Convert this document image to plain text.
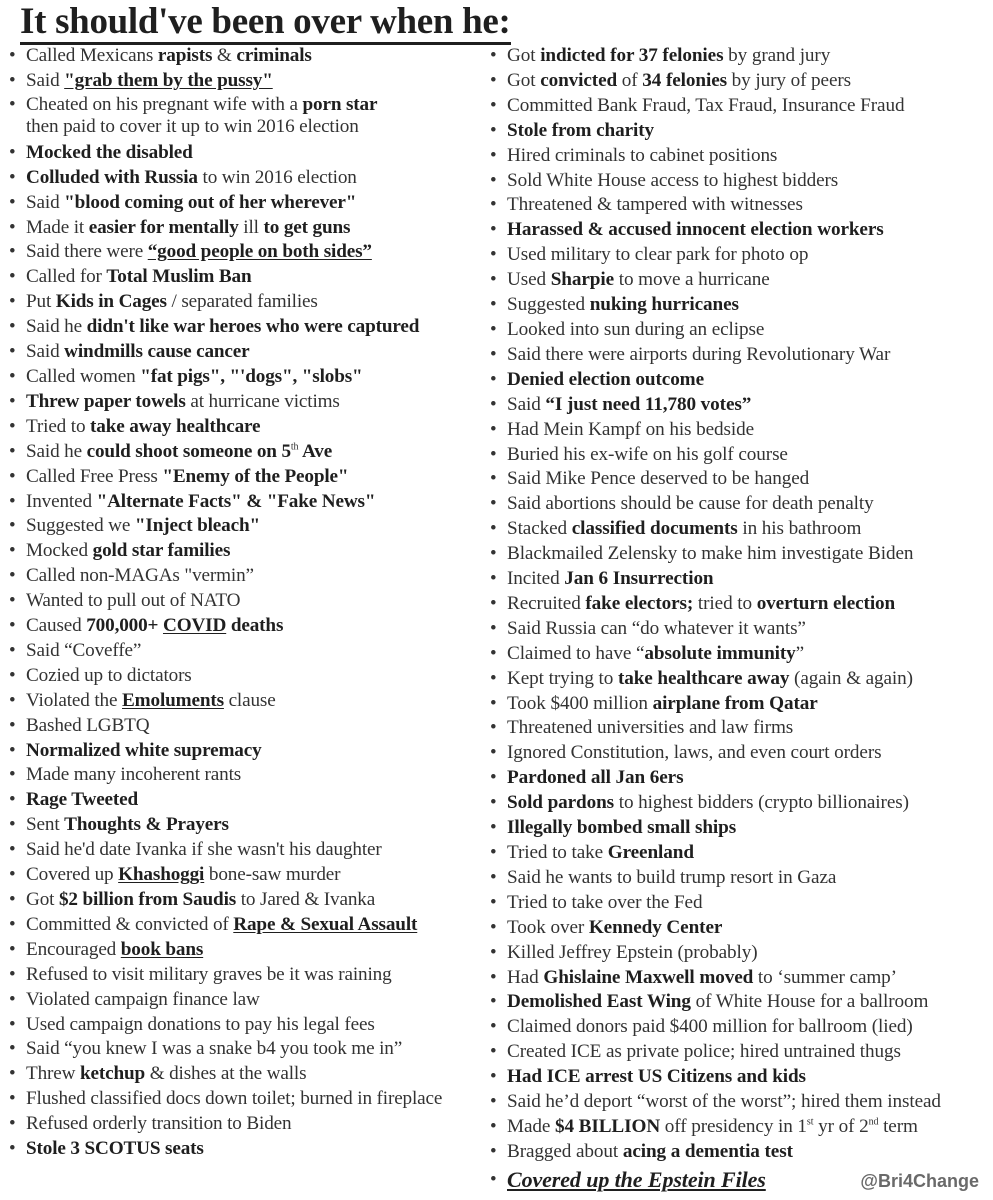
It should've been over when he:
• Called Mexicans rapists & criminals
• Said "grab them by the pussy"
• Cheated on his pregnant wife with a porn star
then paid to cover it up to win 2016 election
• Mocked the disabled
• Colluded with Russia to win 2016 election
• Said "blood coming out of her wherever"
• Made it easier for mentally ill to get guns
• Said there were “good people on both sides”
• Called for Total Muslim Ban
• Put Kids in Cages / separated families
• Said he didn't like war heroes who were captured
• Said windmills cause cancer
• Called women "fat pigs", "'dogs", "slobs"
• Threw paper towels at hurricane victims
• Tried to take away healthcare
• Said he could shoot someone on 5th Ave
• Called Free Press "Enemy of the People"
• Invented "Alternate Facts" & "Fake News"
• Suggested we "Inject bleach"
• Mocked gold star families
• Called non-MAGAs "vermin”
• Wanted to pull out of NATO
• Caused 700,000+ COVID deaths
• Said “Coveffe”
• Cozied up to dictators
• Violated the Emoluments clause
• Bashed LGBTQ
• Normalized white supremacy
• Made many incoherent rants
• Rage Tweeted
• Sent Thoughts & Prayers
• Said he'd date Ivanka if she wasn't his daughter
• Covered up Khashoggi bone-saw murder
• Got $2 billion from Saudis to Jared & Ivanka
• Committed & convicted of Rape & Sexual Assault
• Encouraged book bans
• Refused to visit military graves be it was raining
• Violated campaign finance law
• Used campaign donations to pay his legal fees
• Said “you knew I was a snake b4 you took me in”
• Threw ketchup & dishes at the walls
• Flushed classified docs down toilet; burned in fireplace
• Refused orderly transition to Biden
• Stole 3 SCOTUS seats
• Got indicted for 37 felonies by grand jury
• Got convicted of 34 felonies by jury of peers
• Committed Bank Fraud, Tax Fraud, Insurance Fraud
• Stole from charity
• Hired criminals to cabinet positions
• Sold White House access to highest bidders
• Threatened & tampered with witnesses
• Harassed & accused innocent election workers
• Used military to clear park for photo op
• Used Sharpie to move a hurricane
• Suggested nuking hurricanes
• Looked into sun during an eclipse
• Said there were airports during Revolutionary War
• Denied election outcome
• Said “I just need 11,780 votes”
• Had Mein Kampf on his bedside
• Buried his ex-wife on his golf course
• Said Mike Pence deserved to be hanged
• Said abortions should be cause for death penalty
• Stacked classified documents in his bathroom
• Blackmailed Zelensky to make him investigate Biden
• Incited Jan 6 Insurrection
• Recruited fake electors; tried to overturn election
• Said Russia can “do whatever it wants”
• Claimed to have “absolute immunity”
• Kept trying to take healthcare away (again & again)
• Took $400 million airplane from Qatar
• Threatened universities and law firms
• Ignored Constitution, laws, and even court orders
• Pardoned all Jan 6ers
• Sold pardons to highest bidders (crypto billionaires)
• Illegally bombed small ships
• Tried to take Greenland
• Said he wants to build trump resort in Gaza
• Tried to take over the Fed
• Took over Kennedy Center
• Killed Jeffrey Epstein (probably)
• Had Ghislaine Maxwell moved to ‘summer camp’
• Demolished East Wing of White House for a ballroom
• Claimed donors paid $400 million for ballroom (lied)
• Created ICE as private police; hired untrained thugs
• Had ICE arrest US Citizens and kids
• Said he’d deport “worst of the worst”; hired them instead
• Made $4 BILLION off presidency in 1st yr of 2nd term
• Bragged about acing a dementia test
• Covered up the Epstein Files	@Bri4Change
